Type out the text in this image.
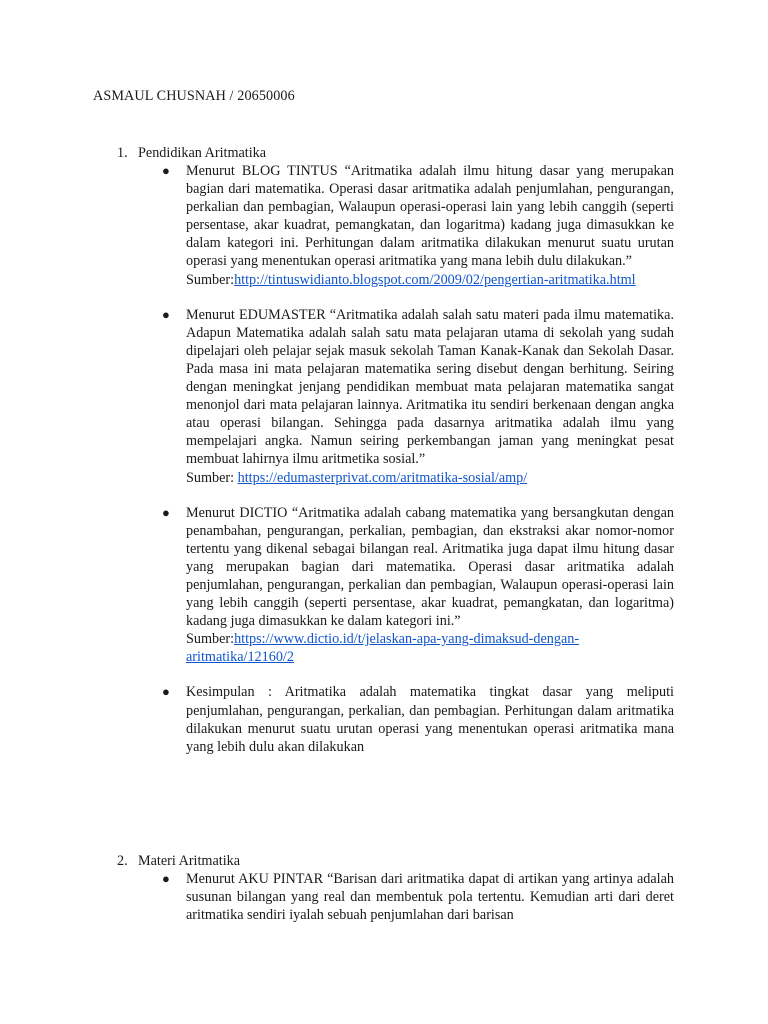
ASMAUL CHUSNAH / 20650006
1. Pendidikan Aritmatika
● Menurut BLOG TINTUS “Aritmatika adalah ilmu hitung dasar yang merupakan bagian dari matematika. Operasi dasar aritmatika adalah penjumlahan, pengurangan, perkalian dan pembagian, Walaupun operasi-operasi lain yang lebih canggih (seperti persentase, akar kuadrat, pemangkatan, dan logaritma) kadang juga dimasukkan ke dalam kategori ini. Perhitungan dalam aritmatika dilakukan menurut suatu urutan operasi yang menentukan operasi aritmatika yang mana lebih dulu dilakukan.”
Sumber:http://tintuswidianto.blogspot.com/2009/02/pengertian-aritmatika.html
● Menurut EDUMASTER “Aritmatika adalah salah satu materi pada ilmu matematika. Adapun Matematika adalah salah satu mata pelajaran utama di sekolah yang sudah dipelajari oleh pelajar sejak masuk sekolah Taman Kanak-Kanak dan Sekolah Dasar. Pada masa ini mata pelajaran matematika sering disebut dengan berhitung. Seiring dengan meningkat jenjang pendidikan membuat mata pelajaran matematika sangat menonjol dari mata pelajaran lainnya. Aritmatika itu sendiri berkenaan dengan angka atau operasi bilangan. Sehingga pada dasarnya aritmatika adalah ilmu yang mempelajari angka. Namun seiring perkembangan jaman yang meningkat pesat membuat lahirnya ilmu aritmetika sosial.”
Sumber: https://edumasterprivat.com/aritmatika-sosial/amp/
● Menurut DICTIO “Aritmatika adalah cabang matematika yang bersangkutan dengan penambahan, pengurangan, perkalian, pembagian, dan ekstraksi akar nomor-nomor tertentu yang dikenal sebagai bilangan real. Aritmatika juga dapat ilmu hitung dasar yang merupakan bagian dari matematika. Operasi dasar aritmatika adalah penjumlahan, pengurangan, perkalian dan pembagian, Walaupun operasi-operasi lain yang lebih canggih (seperti persentase, akar kuadrat, pemangkatan, dan logaritma) kadang juga dimasukkan ke dalam kategori ini.”
Sumber:https://www.dictio.id/t/jelaskan-apa-yang-dimaksud-dengan-aritmatika/12160/2
● Kesimpulan : Aritmatika adalah matematika tingkat dasar yang meliputi penjumlahan, pengurangan, perkalian, dan pembagian. Perhitungan dalam aritmatika dilakukan menurut suatu urutan operasi yang menentukan operasi aritmatika mana yang lebih dulu akan dilakukan
2. Materi Aritmatika
● Menurut AKU PINTAR “Barisan dari aritmatika dapat di artikan yang artinya adalah susunan bilangan yang real dan membentuk pola tertentu. Kemudian arti dari deret aritmatika sendiri iyalah sebuah penjumlahan dari barisan
